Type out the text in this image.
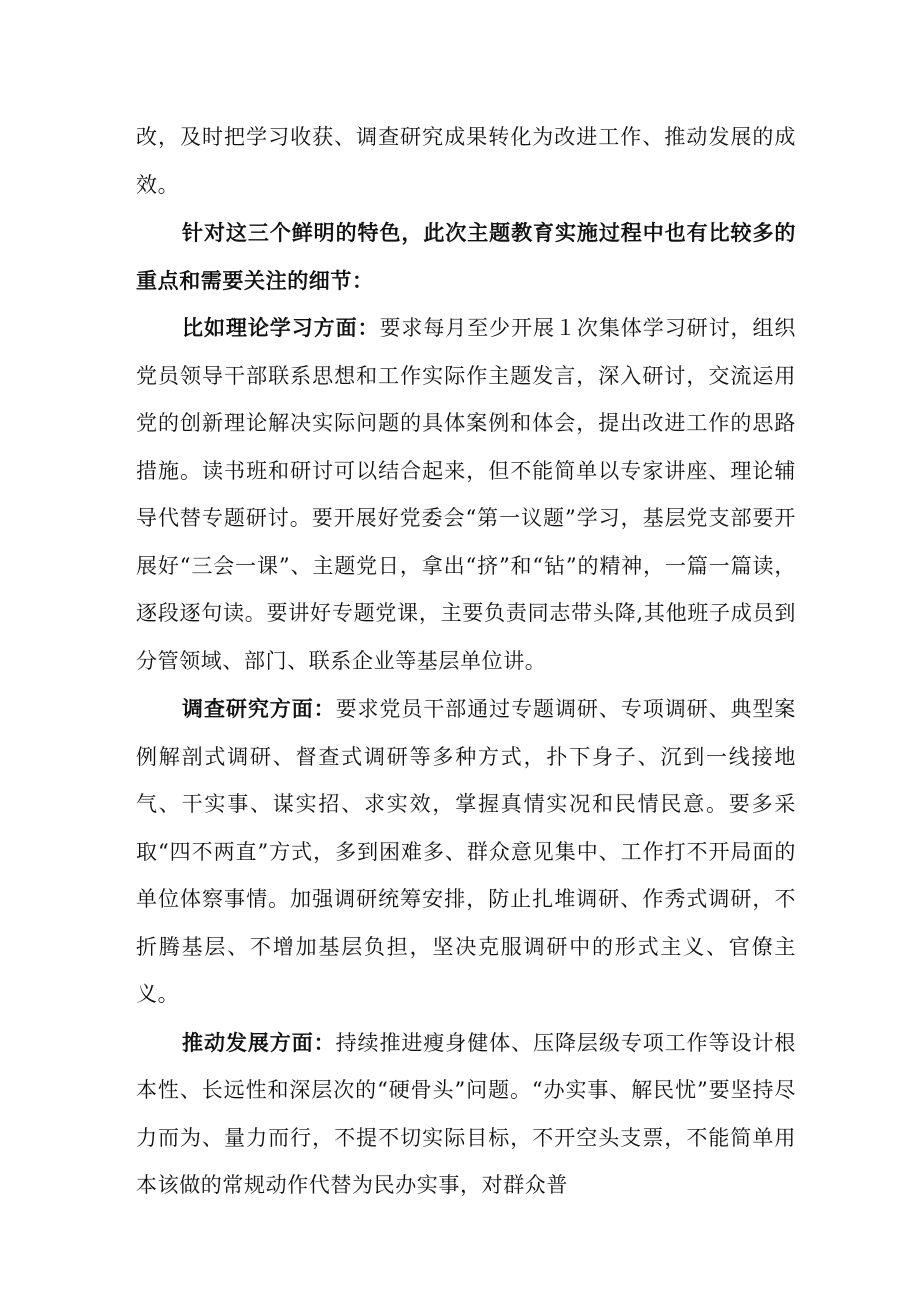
改，及时把学习收获、调查研究成果转化为改进工作、推动发展的成效。

针对这三个鲜明的特色，此次主题教育实施过程中也有比较多的重点和需要关注的细节：

比如理论学习方面：要求每月至少开展１次集体学习研讨，组织党员领导干部联系思想和工作实际作主题发言，深入研讨，交流运用党的创新理论解决实际问题的具体案例和体会，提出改进工作的思路措施。读书班和研讨可以结合起来，但不能简单以专家讲座、理论辅导代替专题研讨。要开展好党委会“第一议题”学习，基层党支部要开展好“三会一课”、主题党日，拿出“挤”和“钻”的精神，一篇一篇读，逐段逐句读。要讲好专题党课，主要负责同志带头降,其他班子成员到分管领域、部门、联系企业等基层单位讲。

调查研究方面：要求党员干部通过专题调研、专项调研、典型案例解剖式调研、督查式调研等多种方式，扑下身子、沉到一线接地气、干实事、谋实招、求实效，掌握真情实况和民情民意。要多采取“四不两直”方式，多到困难多、群众意见集中、工作打不开局面的单位体察事情。加强调研统筹安排，防止扎堆调研、作秀式调研，不折腾基层、不增加基层负担，坚决克服调研中的形式主义、官僚主义。

推动发展方面：持续推进瘦身健体、压降层级专项工作等设计根本性、长远性和深层次的“硬骨头”问题。“办实事、解民忧”要坚持尽力而为、量力而行，不提不切实际目标，不开空头支票，不能简单用本该做的常规动作代替为民办实事，对群众普
